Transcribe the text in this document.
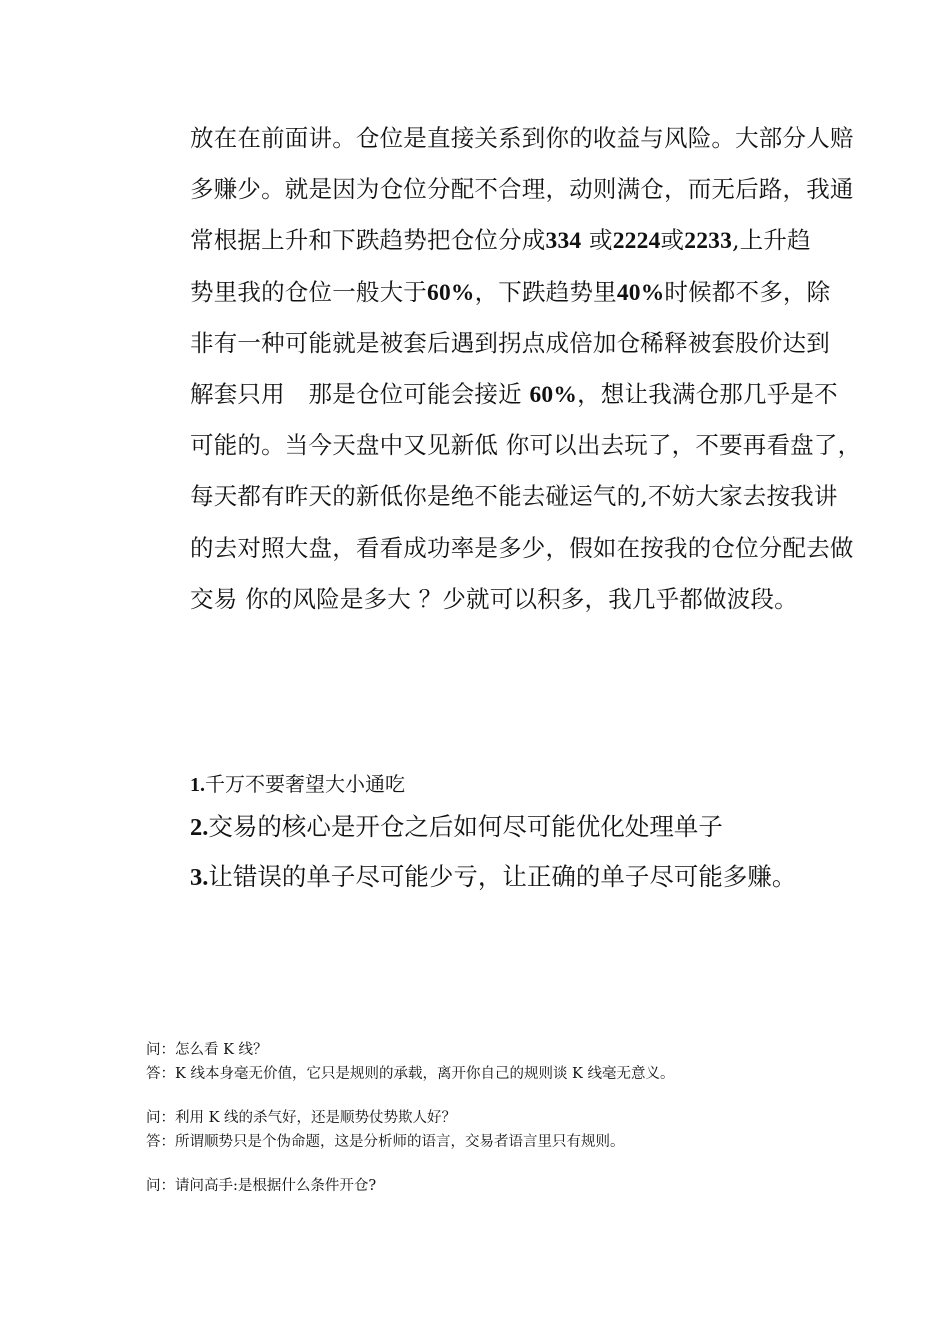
放在在前面讲。仓位是直接关系到你的收益与风险。大部分人赔
多赚少。就是因为仓位分配不合理，动则满仓，而无后路，我通
常根据上升和下跌趋势把仓位分成334 或2224或2233,上升趋
势里我的仓位一般大于60%，下跌趋势里40%时候都不多，除
非有一种可能就是被套后遇到拐点成倍加仓稀释被套股价达到
解套只用　那是仓位可能会接近 60%，想让我满仓那几乎是不
可能的。当今天盘中又见新低 你可以出去玩了，不要再看盘了，
每天都有昨天的新低你是绝不能去碰运气的,不妨大家去按我讲
的去对照大盘，看看成功率是多少，假如在按我的仓位分配去做
交易 你的风险是多大 ？少就可以积多，我几乎都做波段。
1.千万不要奢望大小通吃
2.交易的核心是开仓之后如何尽可能优化处理单子
3.让错误的单子尽可能少亏，让正确的单子尽可能多赚。
问：怎么看 K 线？
答：K 线本身毫无价值，它只是规则的承载，离开你自己的规则谈 K 线毫无意义。
问：利用 K 线的杀气好，还是顺势仗势欺人好？
答：所谓顺势只是个伪命题，这是分析师的语言，交易者语言里只有规则。
问：请问高手:是根据什么条件开仓?
